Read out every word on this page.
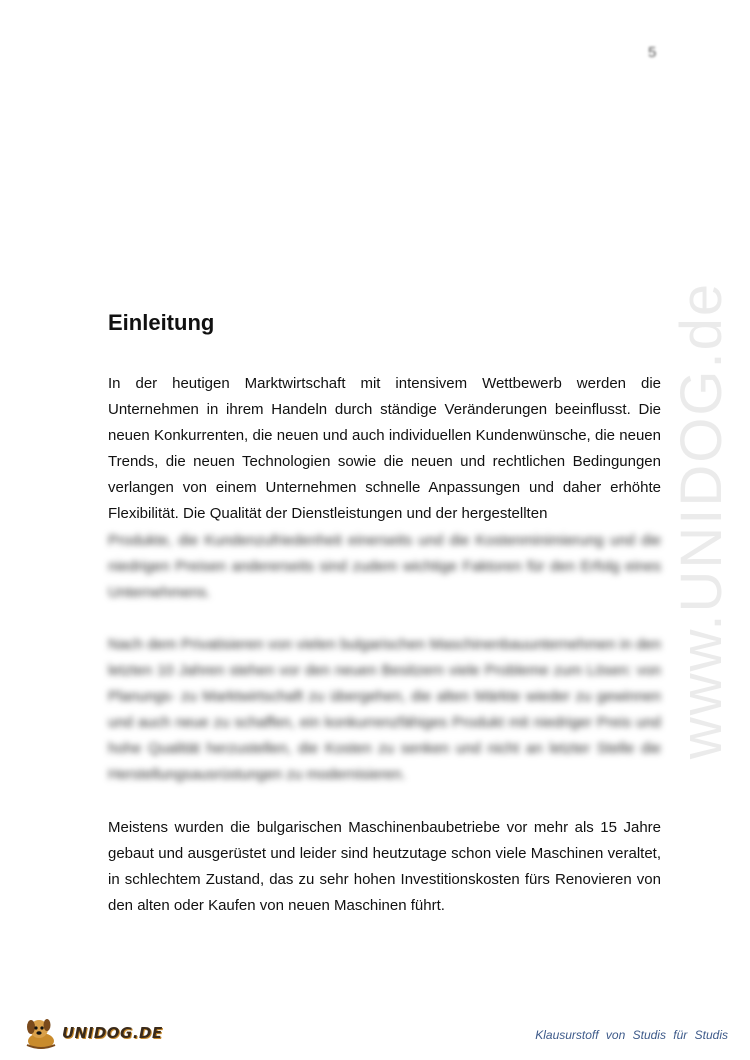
5
www.UNIDOG.de
Einleitung

In der heutigen Marktwirtschaft mit intensivem Wettbewerb werden die Unternehmen in ihrem Handeln durch ständige Veränderungen beeinflusst. Die neuen Konkurrenten, die neuen und auch individuellen Kundenwünsche, die neuen Trends, die neuen Technologien sowie die neuen und rechtlichen Bedingungen verlangen von einem Unternehmen schnelle Anpassungen und daher erhöhte Flexibilität. Die Qualität der Dienstleistungen und der hergestellten

Produkte, die Kundenzufriedenheit einerseits und die Kostenminimierung und die niedrigen Preisen andererseits sind zudem wichtige Faktoren für den Erfolg eines Unternehmens.

Nach dem Privatisieren von vielen bulgarischen Maschinenbauunternehmen in den letzten 10 Jahren stehen vor den neuen Besitzern viele Probleme zum Lösen: von Planungs- zu Marktwirtschaft zu übergehen, die alten Märkte wieder zu gewinnen und auch neue zu schaffen, ein konkurrenzfähiges Produkt mit niedriger Preis und hohe Qualität herzustellen, die Kosten zu senken und nicht an letzter Stelle die Herstellungsausrüstungen zu modernisieren.

Meistens wurden die bulgarischen Maschinenbaubetriebe vor mehr als 15 Jahre gebaut und ausgerüstet und leider sind heutzutage schon viele Maschinen veraltet, in schlechtem Zustand, das zu sehr hohen Investitionskosten fürs Renovieren von den alten oder Kaufen von neuen Maschinen führt.

UNIDOG.DE	Klausurstoff von Studis für Studis
